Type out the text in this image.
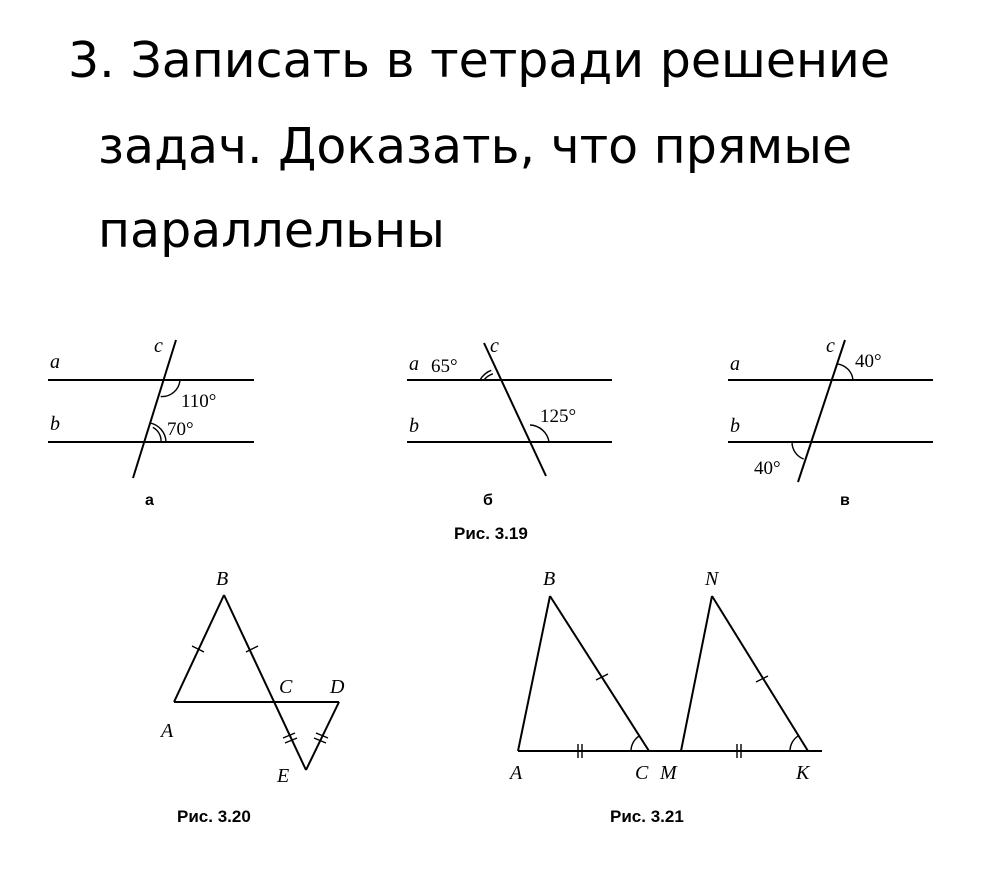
3. Записать в тетради решение
задач. Доказать, что прямые
параллельны
a
b
c
110°
70°
а
a
b
c
65°
125°
б
a
b
c
40°
40°
в
Рис. 3.19
B
A
C D
E
Рис. 3.20
B	N
A	C M	K
Рис. 3.21
